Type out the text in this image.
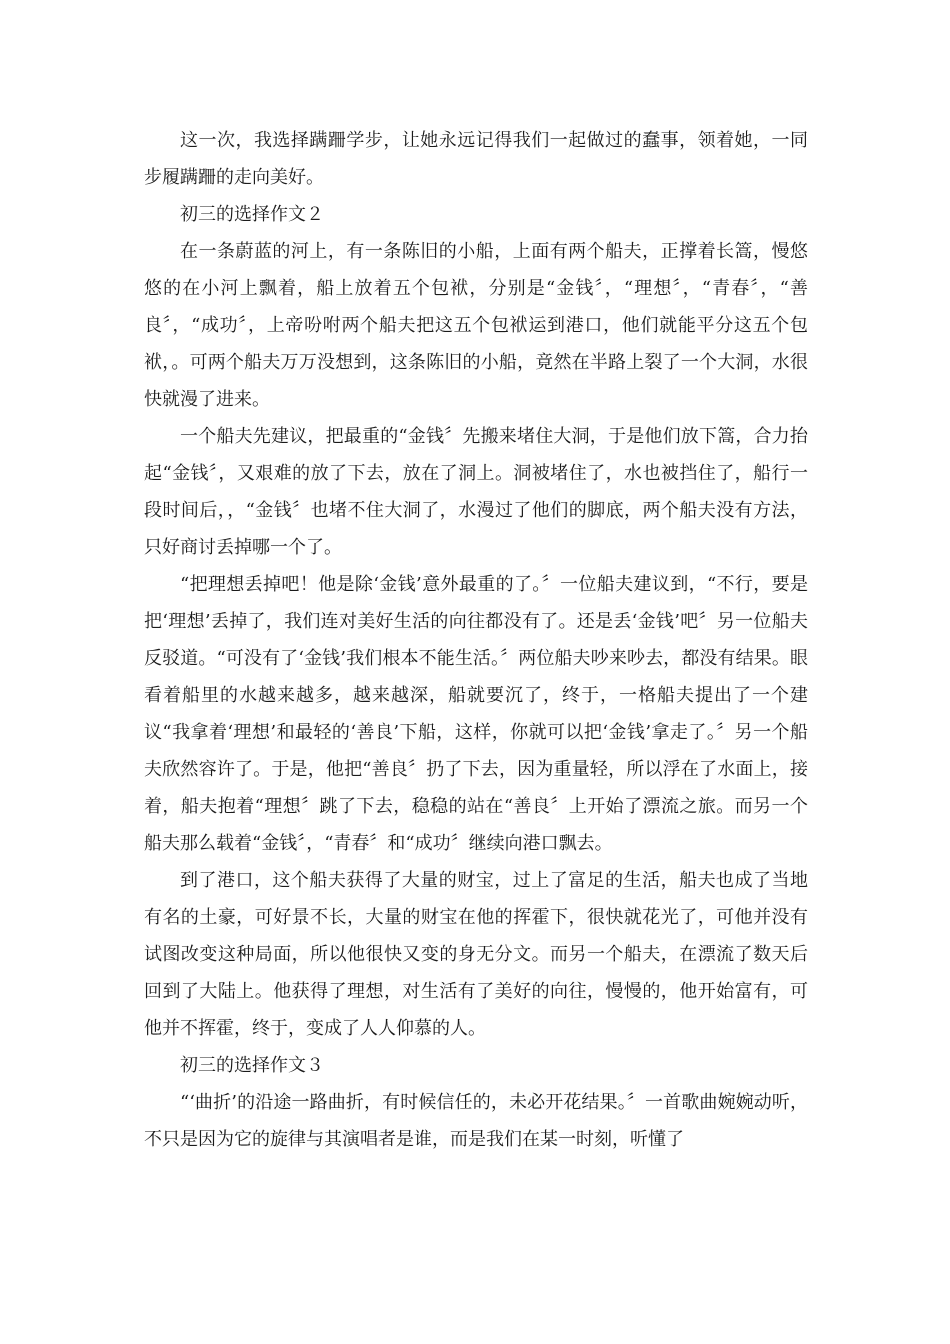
这一次，我选择蹒跚学步，让她永远记得我们一起做过的蠢事，领着她，一同步履蹒跚的走向美好。

初三的选择作文２

在一条蔚蓝的河上，有一条陈旧的小船，上面有两个船夫，正撑着长篙，慢悠悠的在小河上飘着，船上放着五个包袱，分别是“金钱〞，“理想〞，“青春〞，“善良〞，“成功〞，上帝吩咐两个船夫把这五个包袱运到港口，他们就能平分这五个包袱，。可两个船夫万万没想到，这条陈旧的小船，竟然在半路上裂了一个大洞，水很快就漫了进来。

一个船夫先建议，把最重的“金钱〞先搬来堵住大洞，于是他们放下篙，合力抬起“金钱〞，又艰难的放了下去，放在了洞上。洞被堵住了，水也被挡住了，船行一段时间后，，“金钱〞也堵不住大洞了，水漫过了他们的脚底，两个船夫没有方法，只好商讨丢掉哪一个了。

“把理想丢掉吧！他是除‘金钱’意外最重的了。〞一位船夫建议到，“不行，要是把‘理想’丢掉了，我们连对美好生活的向往都没有了。还是丢‘金钱’吧〞另一位船夫反驳道。“可没有了‘金钱’我们根本不能生活。〞两位船夫吵来吵去，都没有结果。眼看着船里的水越来越多，越来越深，船就要沉了，终于，一格船夫提出了一个建议“我拿着‘理想’和最轻的‘善良’下船，这样，你就可以把‘金钱’拿走了。〞另一个船夫欣然容许了。于是，他把“善良〞扔了下去，因为重量轻，所以浮在了水面上，接着，船夫抱着“理想〞跳了下去，稳稳的站在“善良〞上开始了漂流之旅。而另一个船夫那么载着“金钱〞，“青春〞和“成功〞继续向港口飘去。

到了港口，这个船夫获得了大量的财宝，过上了富足的生活，船夫也成了当地有名的土豪，可好景不长，大量的财宝在他的挥霍下，很快就花光了，可他并没有试图改变这种局面，所以他很快又变的身无分文。而另一个船夫，在漂流了数天后回到了大陆上。他获得了理想，对生活有了美好的向往，慢慢的，他开始富有，可他并不挥霍，终于，变成了人人仰慕的人。

初三的选择作文３

“‘曲折’的沿途一路曲折，有时候信任的，未必开花结果。〞一首歌曲婉婉动听，不只是因为它的旋律与其演唱者是谁，而是我们在某一时刻，听懂了
